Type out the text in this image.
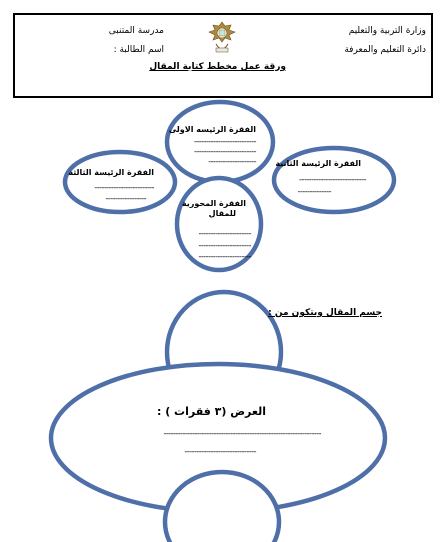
وزارة التربية والتعليم
دائرة التعليم والمعرفة
مدرسة المتنبى
اسم الطالبة :
ورقة عمل مخطط كتابة المقال
الفقرة الرئيسه الاولى
--------------------------
--------------------------
-------------------- الفقرة الرئيسة الثانية
----------------------------
--------------
الفقرة الرئيسة الثالثة
-------------------------
-----------------
الفقرة المحورية
للمقال
----------------------
----------------------
----------------------
جسم المقال ويتكون من :
العرض (٣ فقرات ) :
------------------------------------------------------------------
------------------------------
